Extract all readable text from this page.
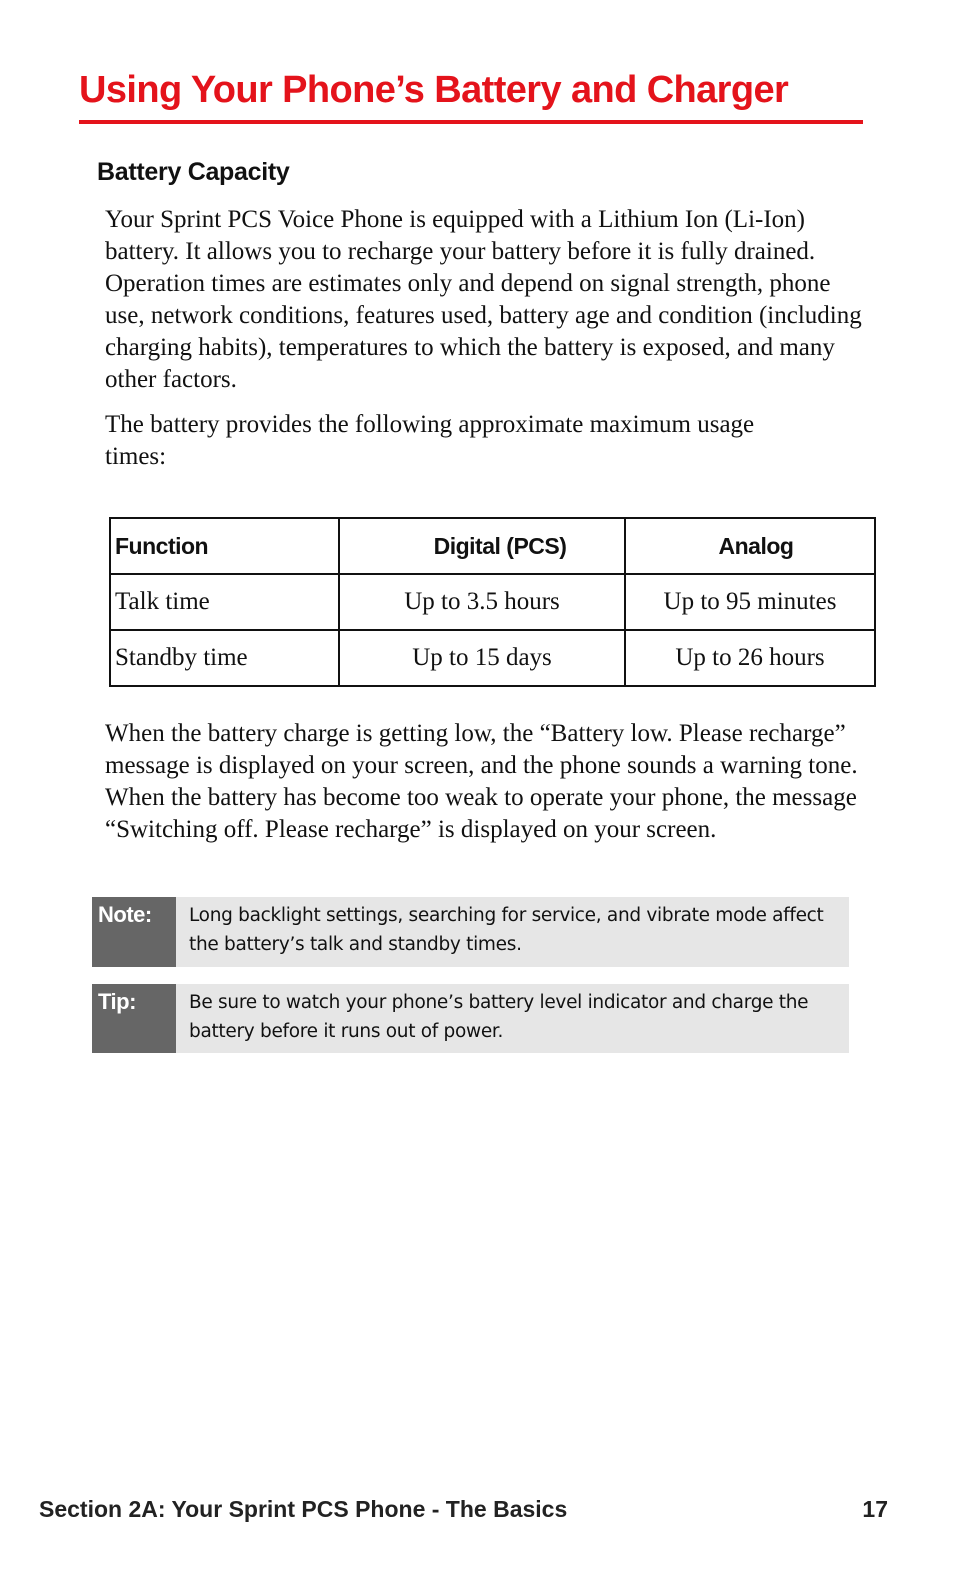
Using Your Phone’s Battery and Charger
Battery Capacity

Your Sprint PCS Voice Phone is equipped with a Lithium Ion (Li-Ion) battery. It allows you to recharge your battery before it is fully drained. Operation times are estimates only and depend on signal strength, phone use, network conditions, features used, battery age and condition (including charging habits), temperatures to which the battery is exposed, and many other factors.

The battery provides the following approximate maximum usage times:

Function	Digital (PCS)	Analog
Talk time	Up to 3.5 hours	Up to 95 minutes
Standby time	Up to 15 days	Up to 26 hours

When the battery charge is getting low, the “Battery low. Please recharge” message is displayed on your screen, and the phone sounds a warning tone. When the battery has become too weak to operate your phone, the message “Switching off. Please recharge” is displayed on your screen.

Note:	Long backlight settings, searching for service, and vibrate mode affect the battery’s talk and standby times.
Tip:	Be sure to watch your phone’s battery level indicator and charge the battery before it runs out of power.

Section 2A: Your Sprint PCS Phone - The Basics	17
